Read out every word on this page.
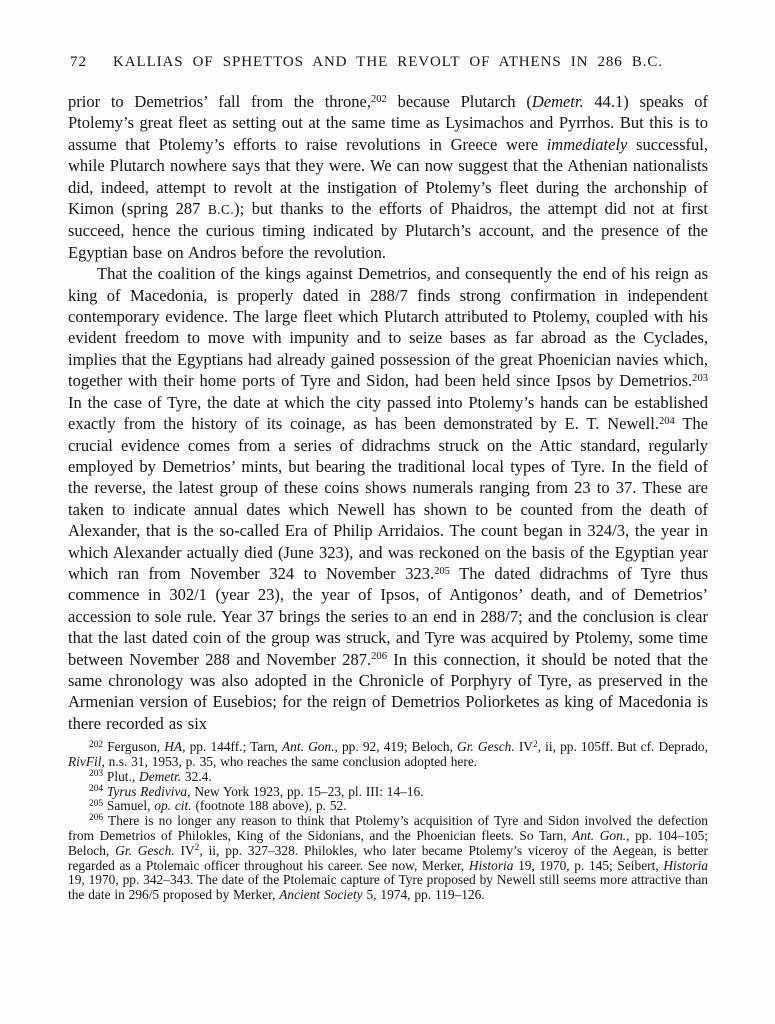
72 KALLIAS OF SPHETTOS AND THE REVOLT OF ATHENS IN 286 B.C.

prior to Demetrios’ fall from the throne,$^{202}$ because Plutarch (Demetr. 44.1) speaks of Ptolemy’s great fleet as setting out at the same time as Lysimachos and Pyrrhos. But this is to assume that Ptolemy’s efforts to raise revolutions in Greece were immediately successful, while Plutarch nowhere says that they were. We can now suggest that the Athenian nationalists did, indeed, attempt to revolt at the instigation of Ptolemy’s fleet during the archonship of Kimon (spring 287 B.C.); but thanks to the efforts of Phaidros, the attempt did not at first succeed, hence the curious timing indicated by Plutarch’s account, and the presence of the Egyptian base on Andros before the revolution.

That the coalition of the kings against Demetrios, and consequently the end of his reign as king of Macedonia, is properly dated in 288/7 finds strong confirmation in independent contemporary evidence. The large fleet which Plutarch attributed to Ptolemy, coupled with his evident freedom to move with impunity and to seize bases as far abroad as the Cyclades, implies that the Egyptians had already gained possession of the great Phoenician navies which, together with their home ports of Tyre and Sidon, had been held since Ipsos by Demetrios.$^{203}$ In the case of Tyre, the date at which the city passed into Ptolemy’s hands can be established exactly from the history of its coinage, as has been demonstrated by E. T. Newell.$^{204}$ The crucial evidence comes from a series of didrachms struck on the Attic standard, regularly employed by Demetrios’ mints, but bearing the traditional local types of Tyre. In the field of the reverse, the latest group of these coins shows numerals ranging from 23 to 37. These are taken to indicate annual dates which Newell has shown to be counted from the death of Alexander, that is the so-called Era of Philip Arridaios. The count began in 324/3, the year in which Alexander actually died (June 323), and was reckoned on the basis of the Egyptian year which ran from November 324 to November 323.$^{205}$ The dated didrachms of Tyre thus commence in 302/1 (year 23), the year of Ipsos, of Antigonos’ death, and of Demetrios’ accession to sole rule. Year 37 brings the series to an end in 288/7; and the conclusion is clear that the last dated coin of the group was struck, and Tyre was acquired by Ptolemy, some time between November 288 and November 287.$^{206}$ In this connection, it should be noted that the same chronology was also adopted in the Chronicle of Porphyry of Tyre, as preserved in the Armenian version of Eusebios; for the reign of Demetrios Poliorketes as king of Macedonia is there recorded as six

$^{202}$ Ferguson, HA, pp. 144ff.; Tarn, Ant. Gon., pp. 92, 419; Beloch, Gr. Gesch. $IV^2$, ii, pp. 105ff. But cf. Deprado, RivFil, n.s. 31, 1953, p. 35, who reaches the same conclusion adopted here.

$^{203}$ Plut., Demetr. 32.4.

$^{204}$ Tyrus Rediviva, New York 1923, pp. 15–23, pl. III: 14–16.

$^{205}$ Samuel, op. cit. (footnote 188 above), p. 52.

$^{206}$ There is no longer any reason to think that Ptolemy’s acquisition of Tyre and Sidon involved the defection from Demetrios of Philokles, King of the Sidonians, and the Phoenician fleets. So Tarn, Ant. Gon., pp. 104–105; Beloch, Gr. Gesch. $IV^2$, ii, pp. 327–328. Philokles, who later became Ptolemy’s viceroy of the Aegean, is better regarded as a Ptolemaic officer throughout his career. See now, Merker, Historia 19, 1970, p. 145; Seibert, Historia 19, 1970, pp. 342–343. The date of the Ptolemaic capture of Tyre proposed by Newell still seems more attractive than the date in 296/5 proposed by Merker, Ancient Society 5, 1974, pp. 119–126.
